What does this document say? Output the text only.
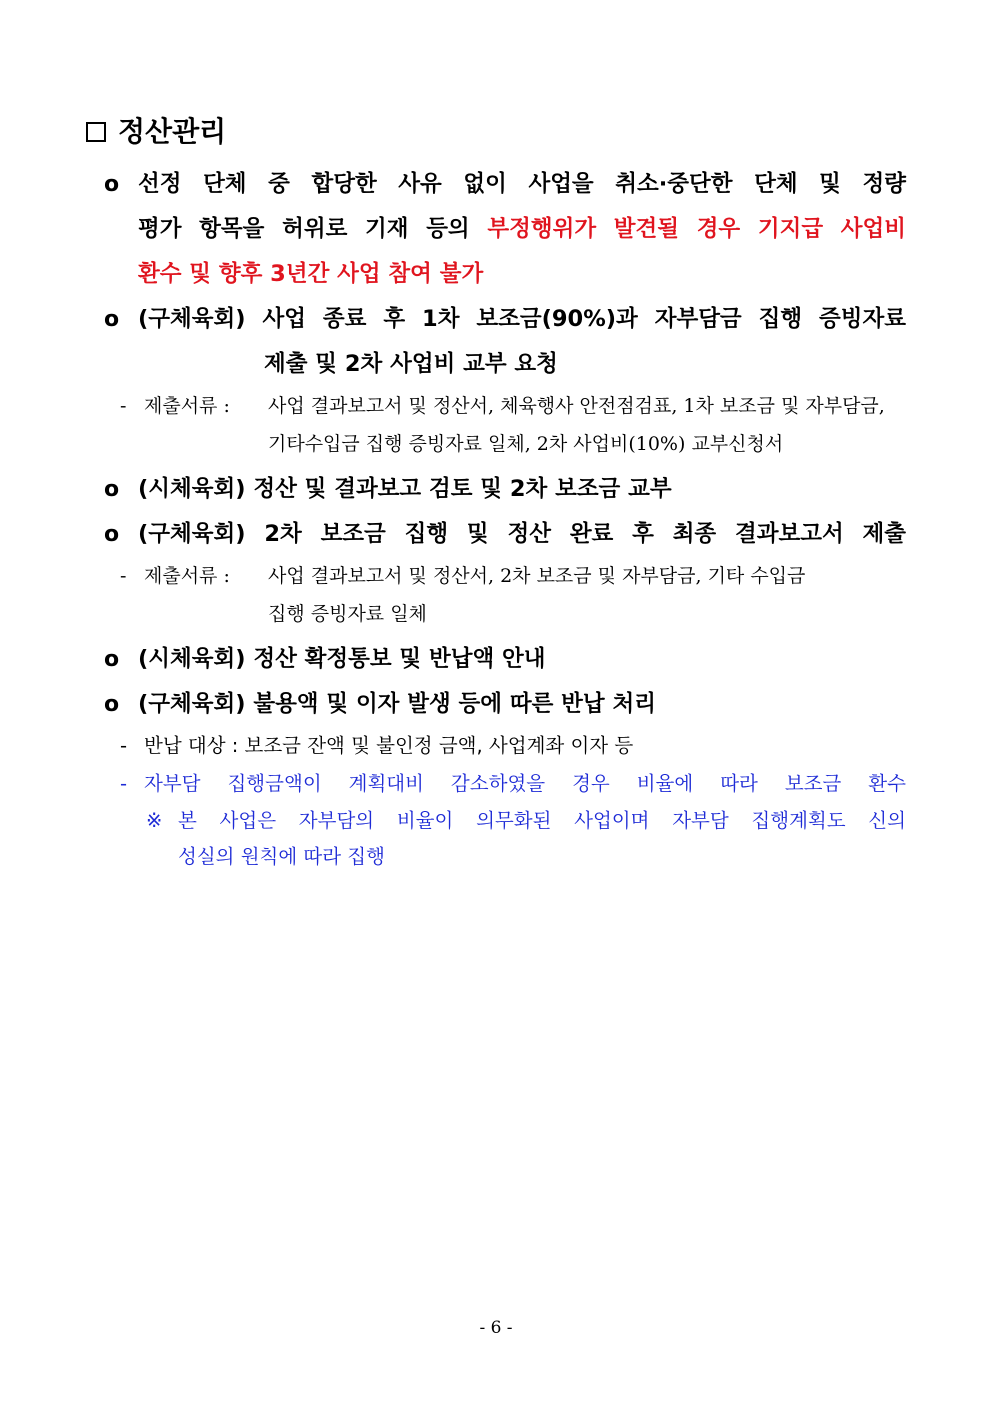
정산관리
o 선정 단체 중 합당한 사유 없이 사업을 취소·중단한 단체 및 정량
평가 항목을 허위로 기재 등의 부정행위가 발견될 경우 기지급 사업비
환수 및 향후 3년간 사업 참여 불가
o (구체육회) 사업 종료 후 1차 보조금(90%)과 자부담금 집행 증빙자료
제출 및 2차 사업비 교부 요청
- 제출서류 : 사업 결과보고서 및 정산서, 체육행사 안전점검표, 1차 보조금 및 자부담금,
기타수입금 집행 증빙자료 일체, 2차 사업비(10%) 교부신청서
o (시체육회) 정산 및 결과보고 검토 및 2차 보조금 교부
o (구체육회) 2차 보조금 집행 및 정산 완료 후 최종 결과보고서 제출
- 제출서류 : 사업 결과보고서 및 정산서, 2차 보조금 및 자부담금, 기타 수입금
집행 증빙자료 일체
o (시체육회) 정산 확정통보 및 반납액 안내
o (구체육회) 불용액 및 이자 발생 등에 따른 반납 처리
- 반납 대상 : 보조금 잔액 및 불인정 금액, 사업계좌 이자 등
- 자부담 집행금액이 계획대비 감소하였을 경우 비율에 따라 보조금 환수
※ 본 사업은 자부담의 비율이 의무화된 사업이며 자부담 집행계획도 신의
성실의 원칙에 따라 집행
- 6 -
